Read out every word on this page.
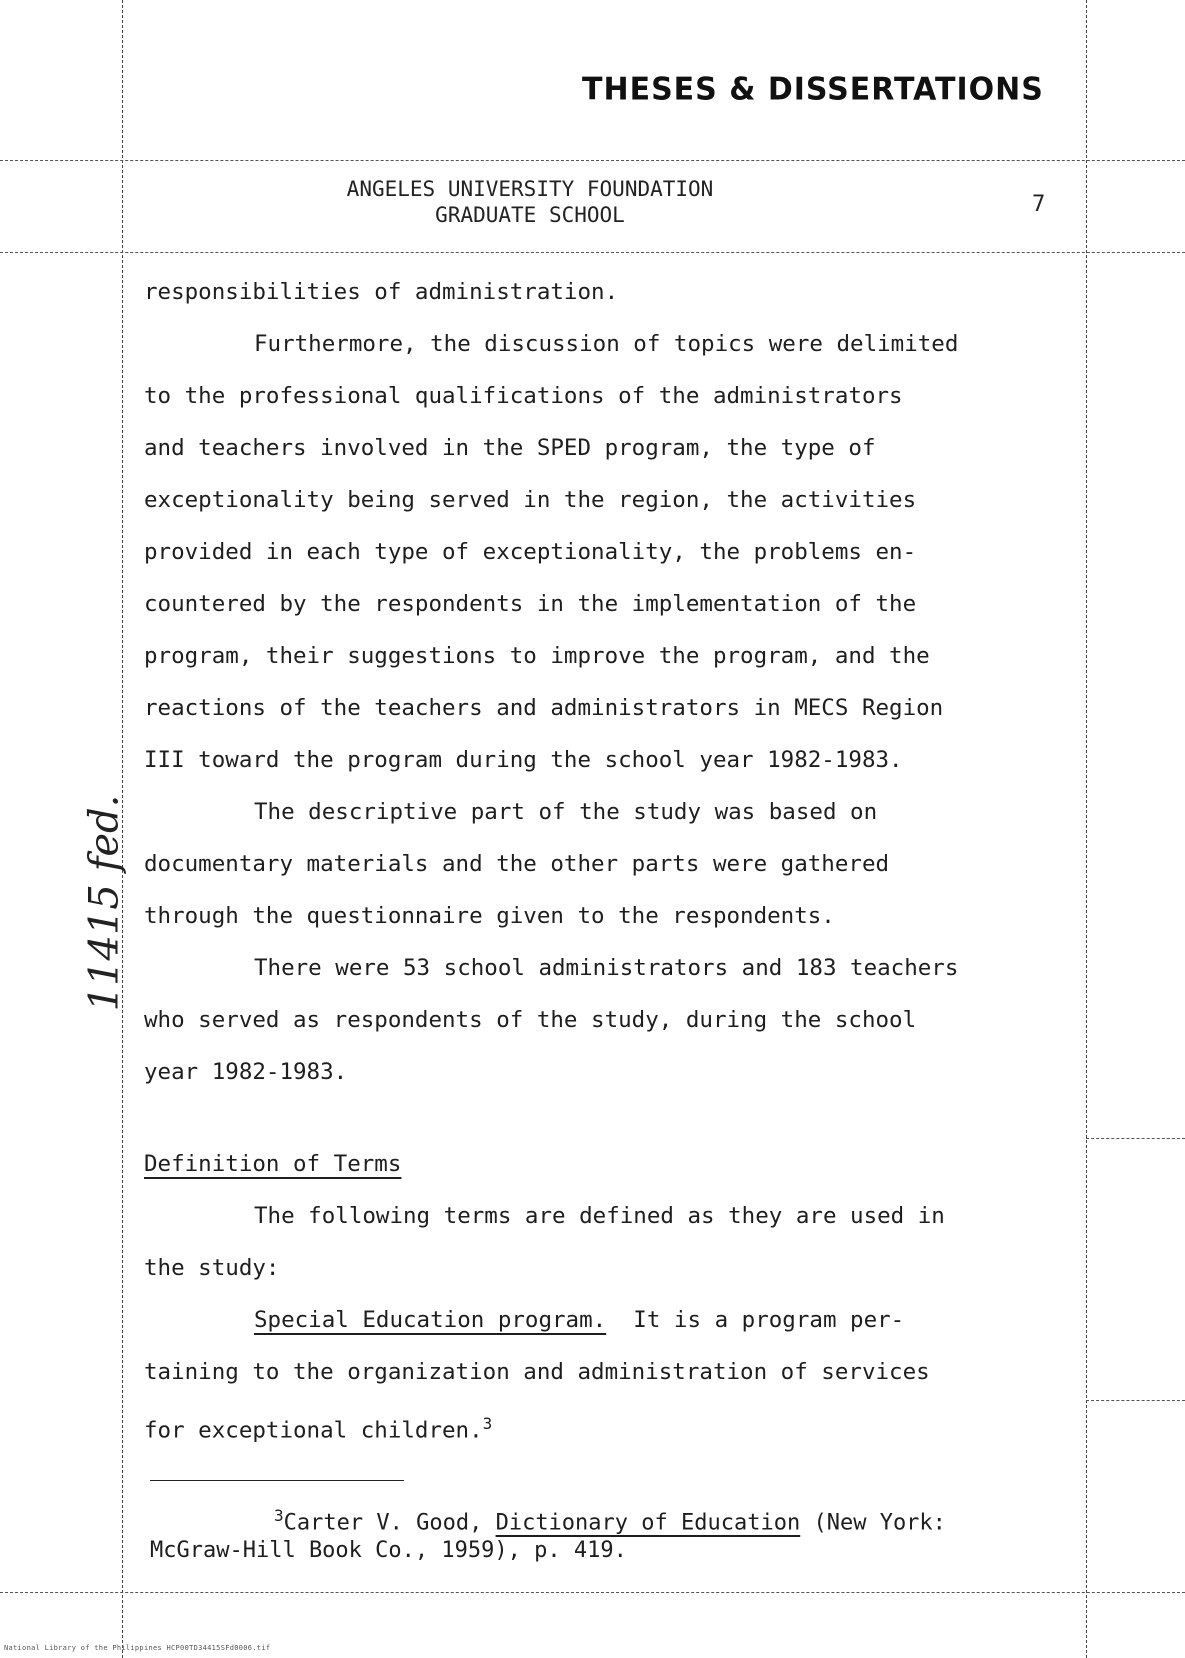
THESES & DISSERTATIONS
ANGELES UNIVERSITY FOUNDATION
GRADUATE SCHOOL	7
responsibilities of administration.
Furthermore, the discussion of topics were delimited
to the professional qualifications of the administrators
and teachers involved in the SPED program, the type of
exceptionality being served in the region, the activities
provided in each type of exceptionality, the problems en-
countered by the respondents in the implementation of the
program, their suggestions to improve the program, and the
reactions of the teachers and administrators in MECS Region
III toward the program during the school year 1982-1983.
The descriptive part of the study was based on
documentary materials and the other parts were gathered
through the questionnaire given to the respondents.
There were 53 school administrators and 183 teachers
who served as respondents of the study, during the school
year 1982-1983.
Definition of Terms
The following terms are defined as they are used in
the study:
Special Education program. It is a program per-
taining to the organization and administration of services
for exceptional children.$^3$
$^3$Carter V. Good, Dictionary of Education (New York:
McGraw-Hill Book Co., 1959), p. 419.
11415 fed.
National Library of the Philippines HCP00TD34415SFd0006.tif
